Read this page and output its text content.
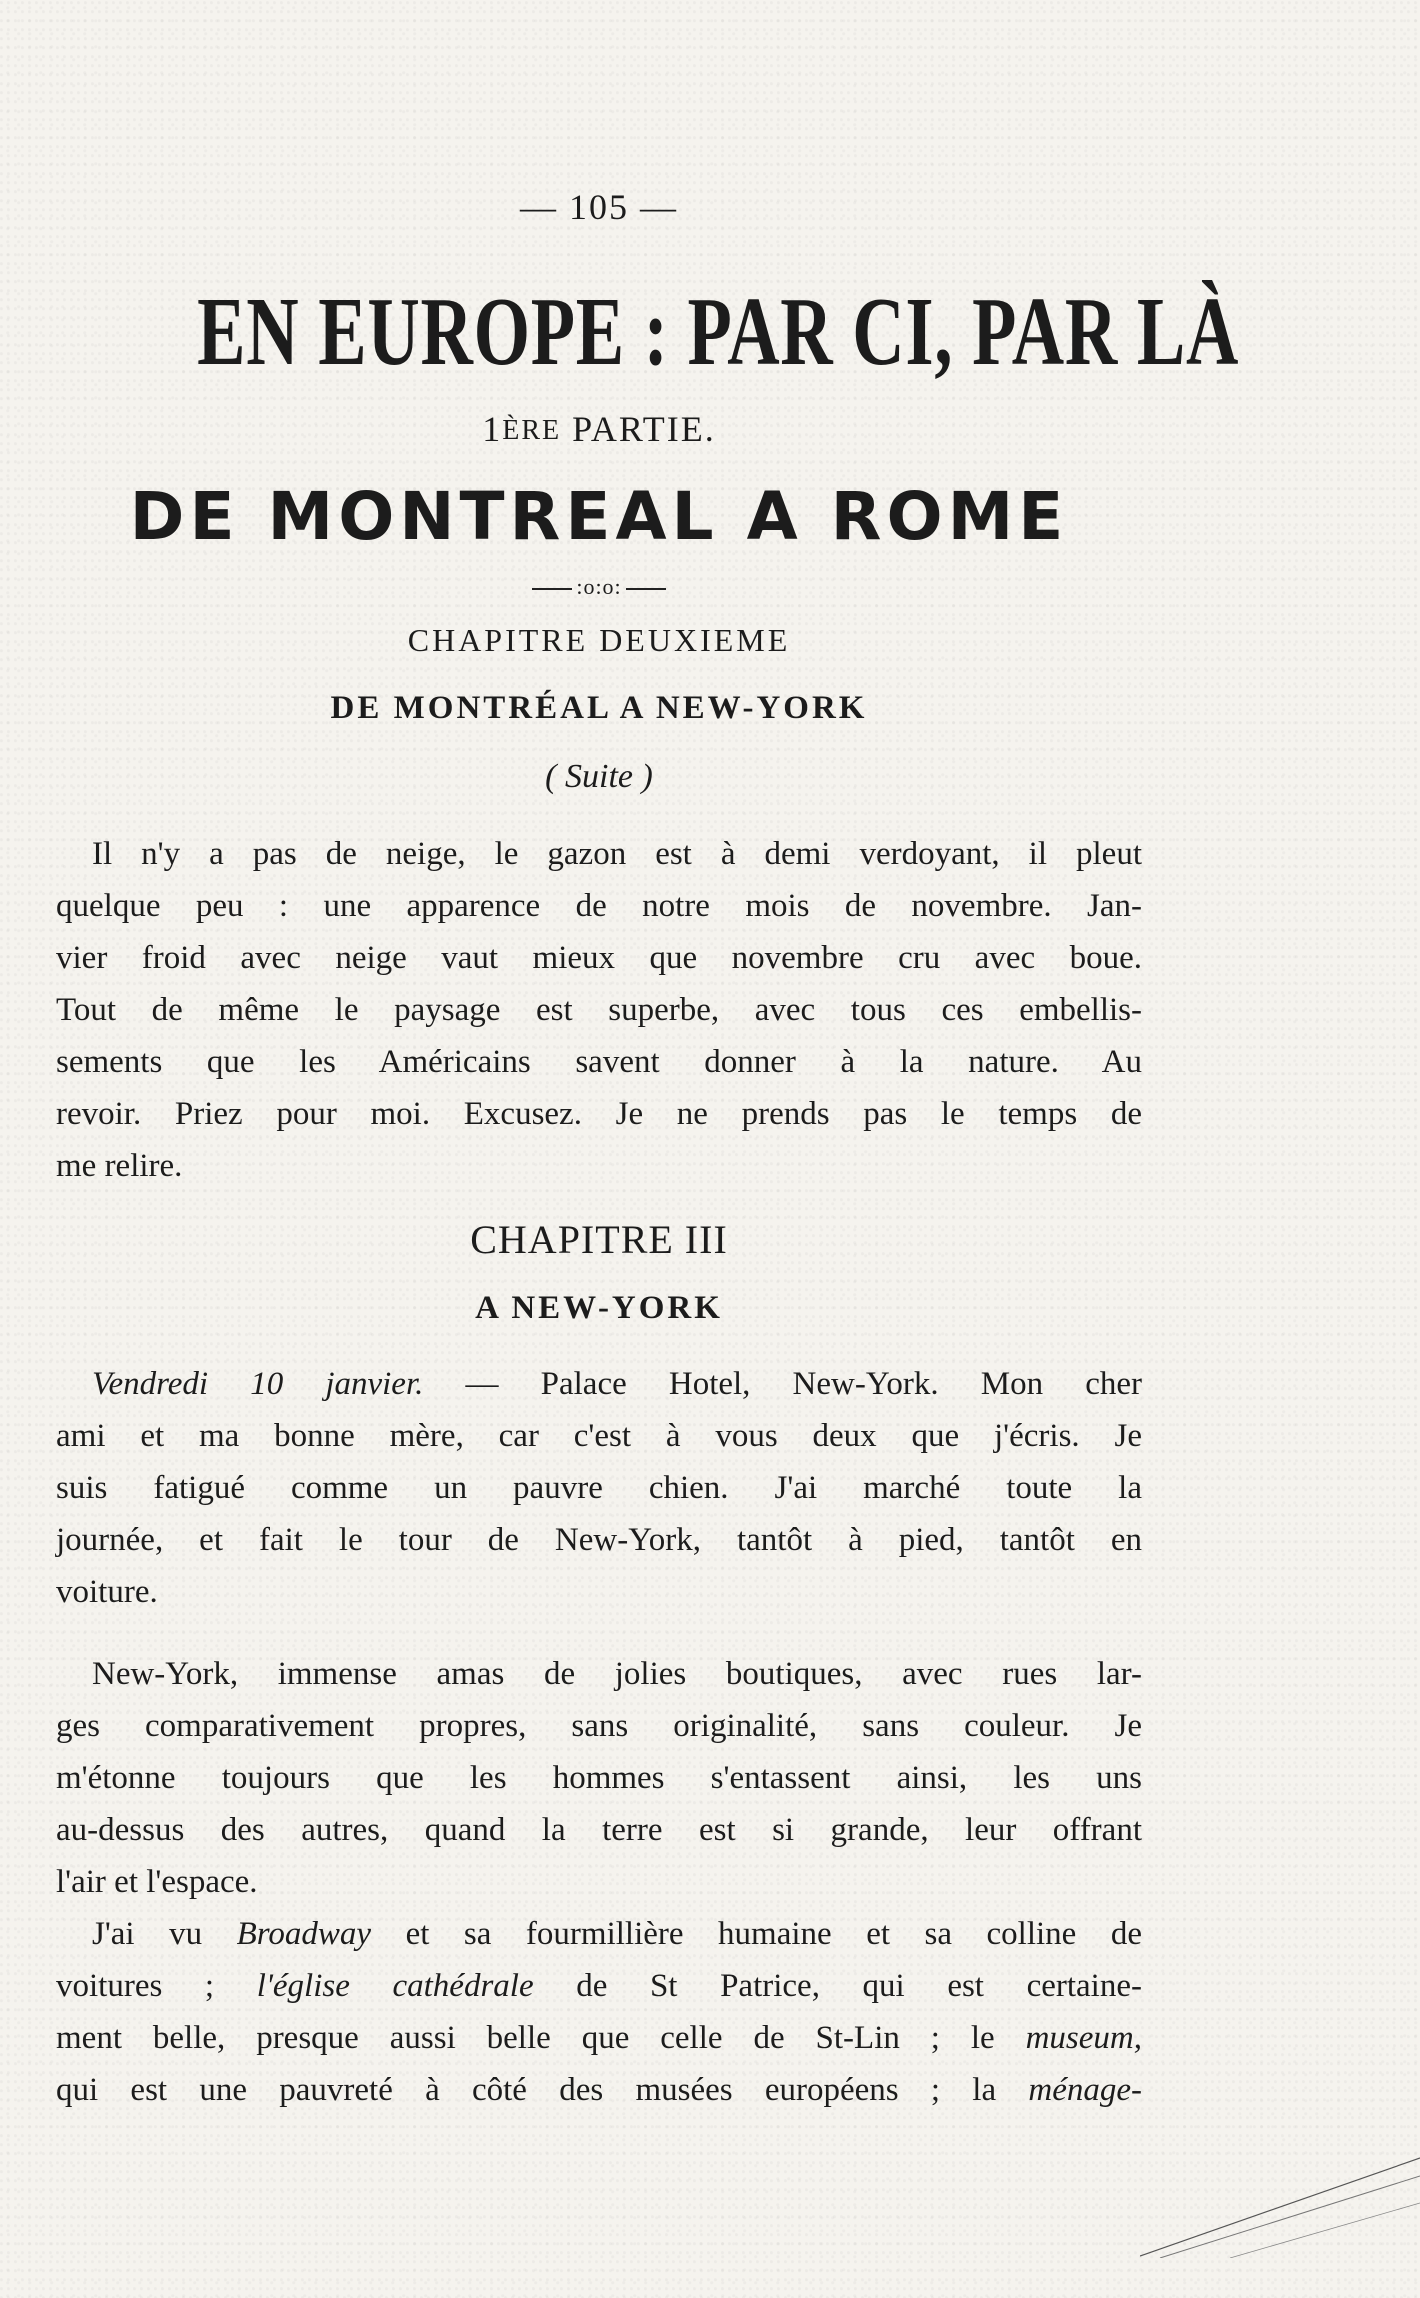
— 105 —
EN EUROPE : PAR CI, PAR LÀ
1ÈRE PARTIE.
DE MONTREAL A ROME
:o:o:
CHAPITRE DEUXIEME
DE MONTRÉAL A NEW-YORK
( Suite )
Il n'y a pas de neige, le gazon est à demi verdoyant, il pleut
quelque peu : une apparence de notre mois de novembre. Jan-
vier froid avec neige vaut mieux que novembre cru avec boue.
Tout de même le paysage est superbe, avec tous ces embellis-
sements que les Américains savent donner à la nature. Au
revoir. Priez pour moi. Excusez. Je ne prends pas le temps de
me relire.
CHAPITRE III
A NEW-YORK
Vendredi 10 janvier. — Palace Hotel, New-York. Mon cher
ami et ma bonne mère, car c'est à vous deux que j'écris. Je
suis fatigué comme un pauvre chien. J'ai marché toute la
journée, et fait le tour de New-York, tantôt à pied, tantôt en
voiture.
New-York, immense amas de jolies boutiques, avec rues lar-
ges comparativement propres, sans originalité, sans couleur. Je
m'étonne toujours que les hommes s'entassent ainsi, les uns
au-dessus des autres, quand la terre est si grande, leur offrant
l'air et l'espace.
J'ai vu Broadway et sa fourmillière humaine et sa colline de
voitures ; l'église cathédrale de St Patrice, qui est certaine-
ment belle, presque aussi belle que celle de St-Lin ; le museum,
qui est une pauvreté à côté des musées européens ; la ménage-
